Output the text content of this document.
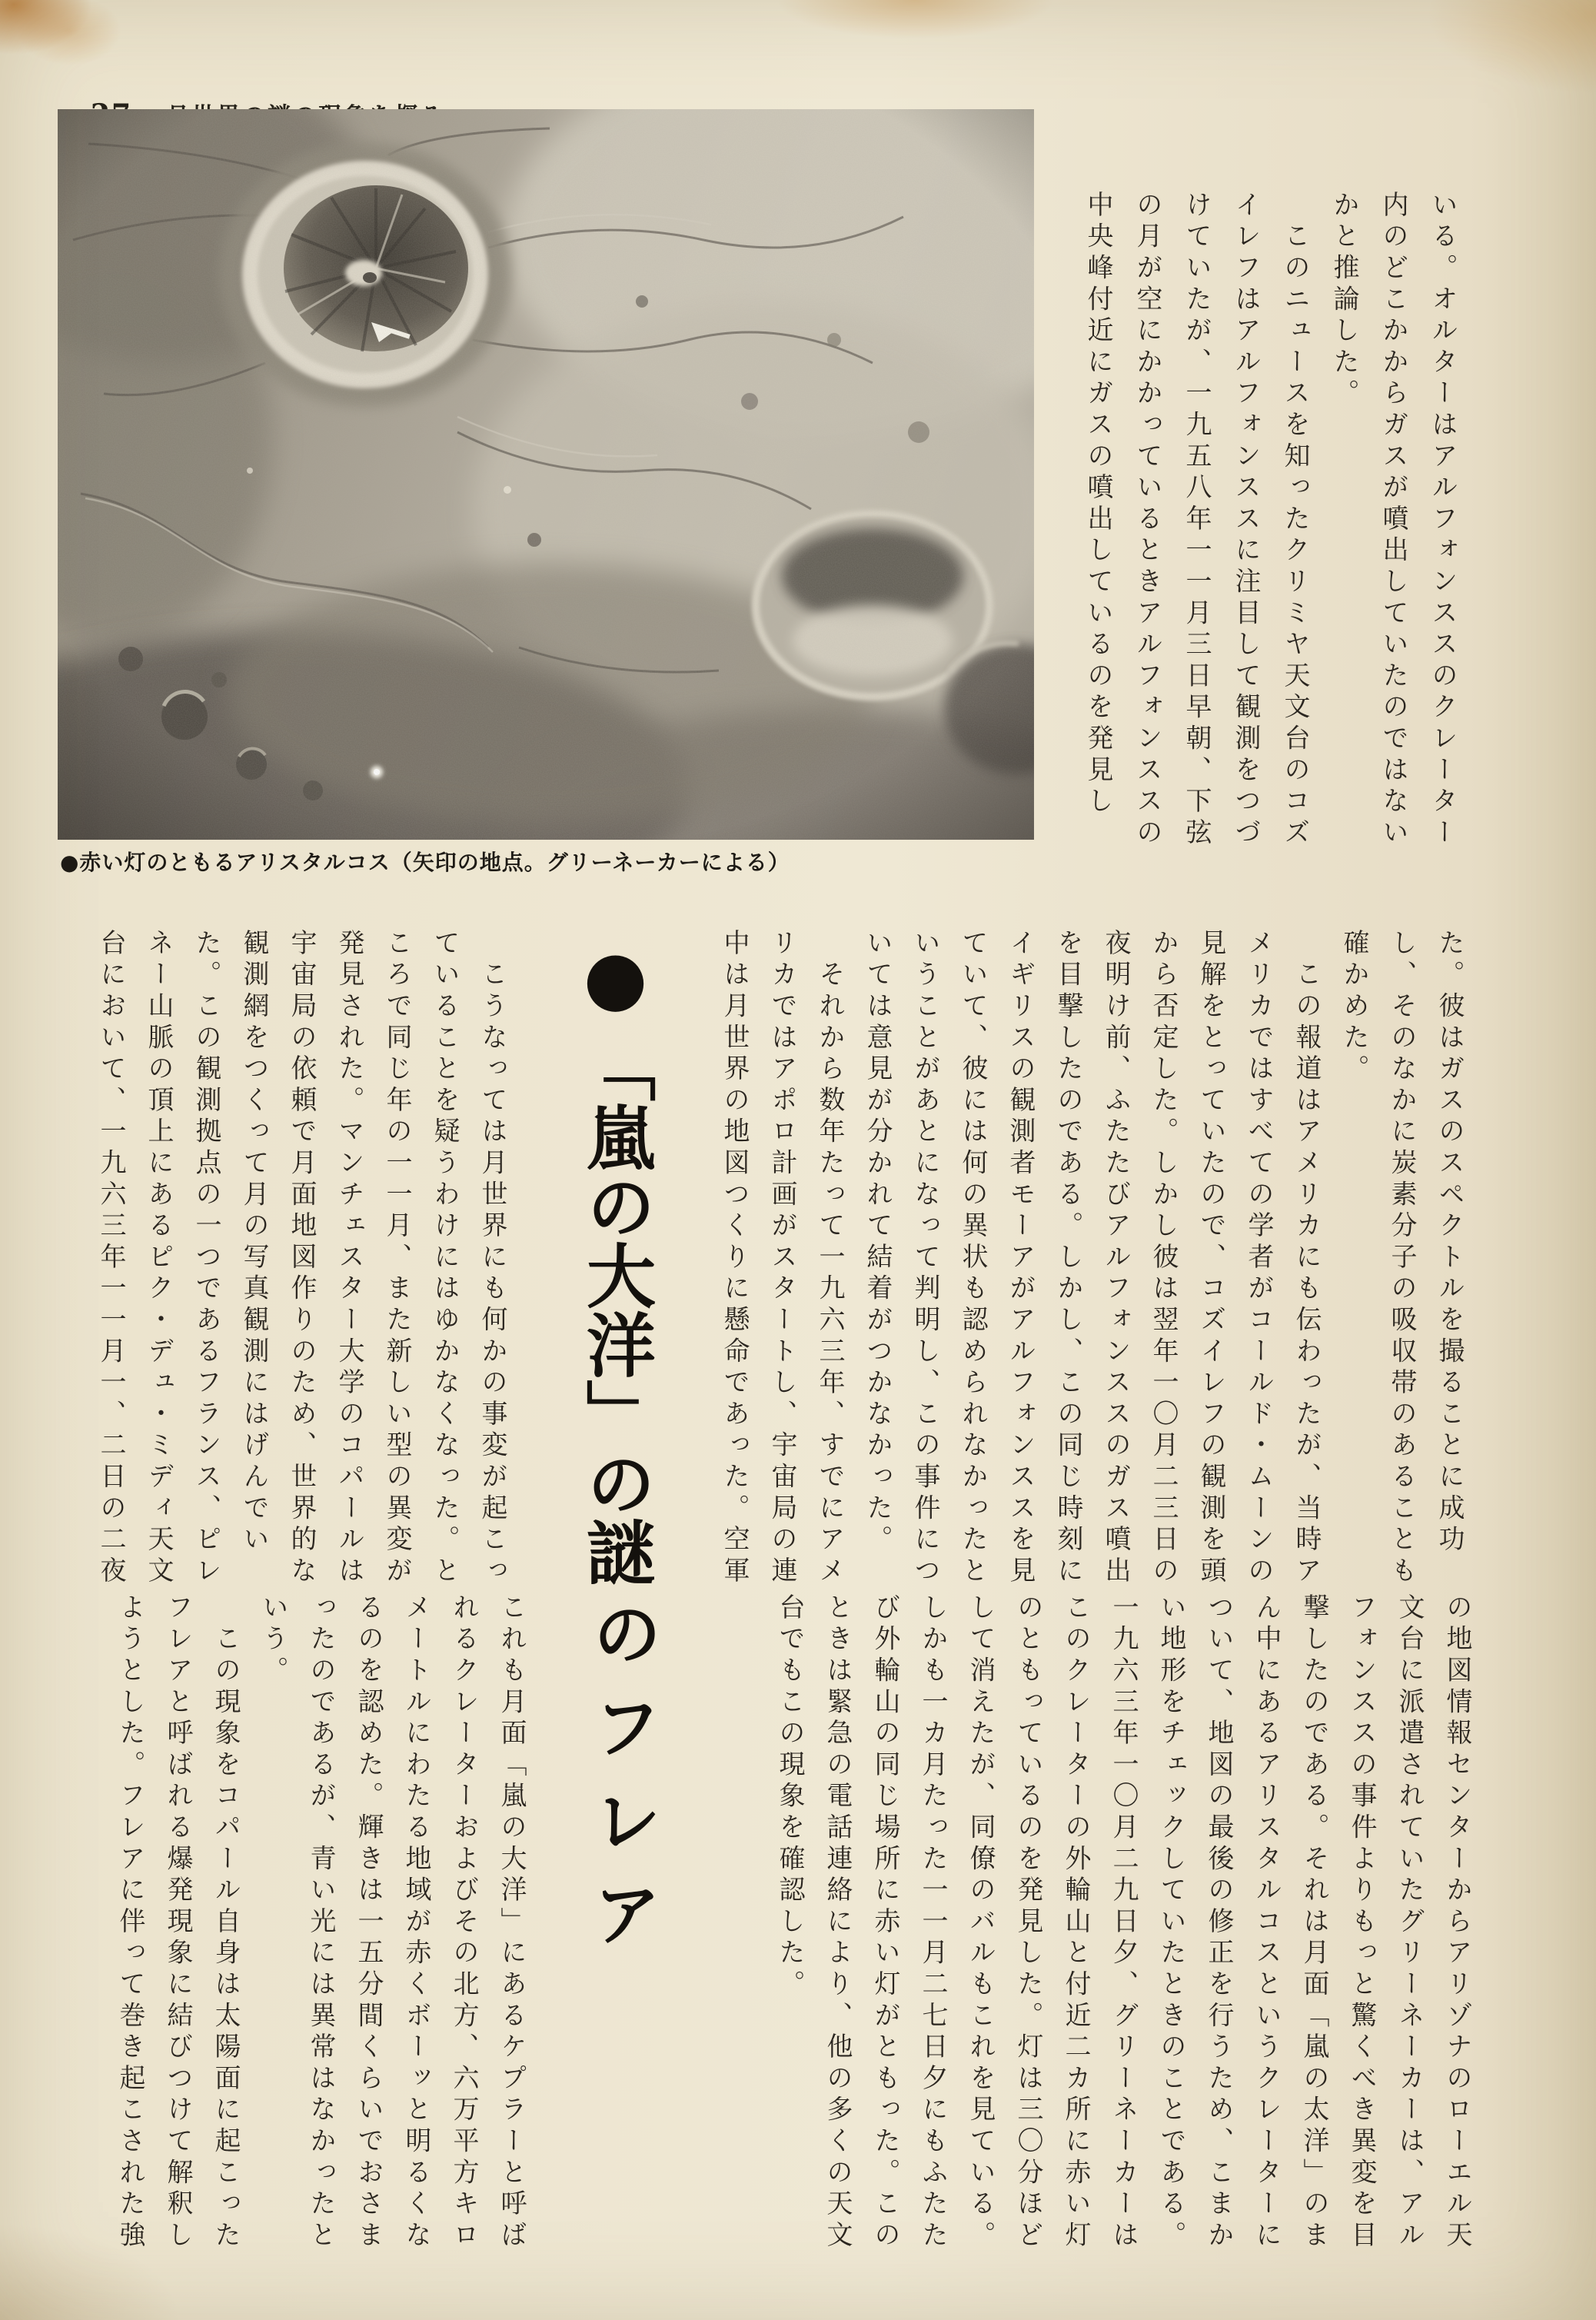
●赤い灯のともるアリスタルコス（矢印の地点。グリーネーカーによる）
いる。オルターはアルフォンススのクレーター
内のどこかからガスが噴出していたのではない
かと推論した。
　このニュースを知ったクリミヤ天文台のコズ
イレフはアルフォンススに注目して観測をつづ
けていたが、一九五八年一一月三日早朝、下弦
の月が空にかかっているときアルフォンススの
中央峰付近にガスの噴出しているのを発見し
た。彼はガスのスペクトルを撮ることに成功
し、そのなかに炭素分子の吸収帯のあることも
確かめた。
　この報道はアメリカにも伝わったが、当時ア
メリカではすべての学者がコールド・ムーンの
見解をとっていたので、コズイレフの観測を頭
から否定した。しかし彼は翌年一〇月二三日の
夜明け前、ふたたびアルフォンススのガス噴出
を目撃したのである。しかし、この同じ時刻に
イギリスの観測者モーアがアルフォンススを見
ていて、彼には何の異状も認められなかったと
いうことがあとになって判明し、この事件につ
いては意見が分かれて結着がつかなかった。
　それから数年たって一九六三年、すでにアメ
リカではアポロ計画がスタートし、宇宙局の連
中は月世界の地図つくりに懸命であった。空軍
●「嵐の大洋」の謎
　こうなっては月世界にも何かの事変が起こっ
ていることを疑うわけにはゆかなくなった。と
ころで同じ年の一一月、また新しい型の異変が
発見された。マンチェスター大学のコパールは
宇宙局の依頼で月面地図作りのため、世界的な
観測網をつくって月の写真観測にはげんでい
た。この観測拠点の一つであるフランス、ピレ
ネー山脈の頂上にあるピク・デュ・ミディ天文
台において、一九六三年一一月一、二日の二夜
の地図情報センターからアリゾナのローエル天
文台に派遣されていたグリーネーカーは、アル
フォンススの事件よりもっと驚くべき異変を目
撃したのである。それは月面「嵐の太洋」のま
ん中にあるアリスタルコスというクレーターに
ついて、地図の最後の修正を行うため、こまか
い地形をチェックしていたときのことである。
一九六三年一〇月二九日夕、グリーネーカーは
このクレーターの外輪山と付近二カ所に赤い灯
のともっているのを発見した。灯は三〇分ほど
して消えたが、同僚のバルもこれを見ている。
しかも一カ月たった一一月二七日夕にもふたた
び外輪山の同じ場所に赤い灯がともった。この
ときは緊急の電話連絡により、他の多くの天文
台でもこの現象を確認した。
のフレア
これも月面「嵐の大洋」にあるケプラーと呼ば
れるクレーターおよびその北方、六万平方キロ
メートルにわたる地域が赤くボーッと明るくな
るのを認めた。輝きは一五分間くらいでおさま
ったのであるが、青い光には異常はなかったと
いう。
　この現象をコパール自身は太陽面に起こった
フレアと呼ばれる爆発現象に結びつけて解釈し
ようとした。フレアに伴って巻き起こされた強
